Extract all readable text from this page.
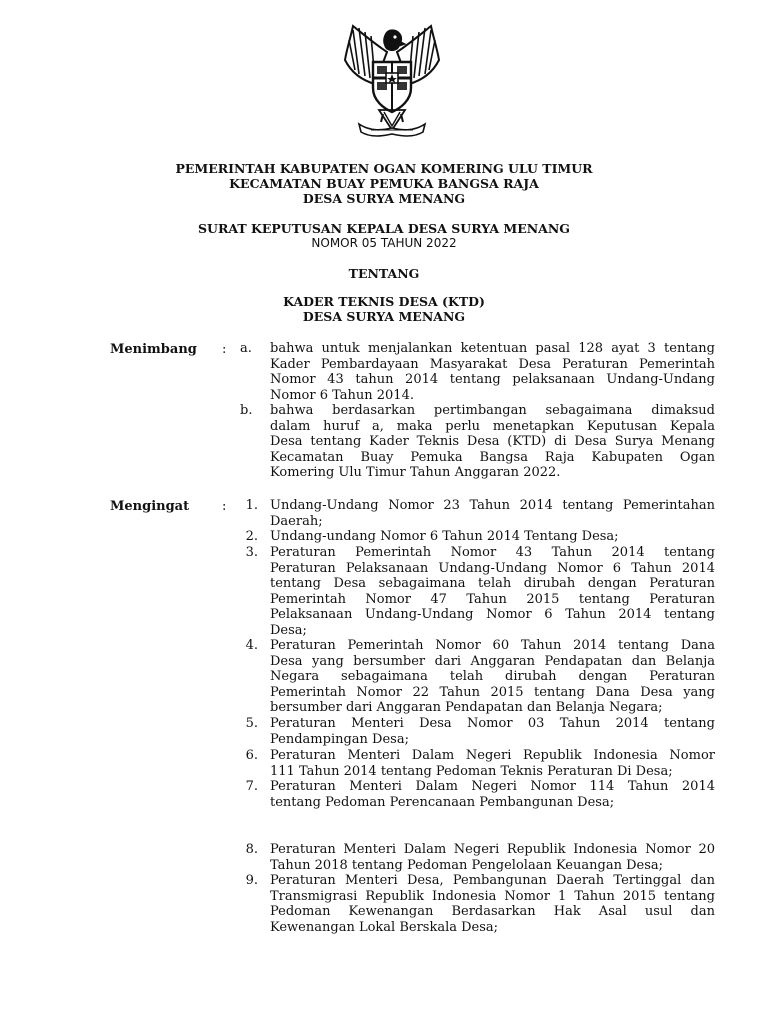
PEMERINTAH KABUPATEN OGAN KOMERING ULU TIMUR
KECAMATAN BUAY PEMUKA BANGSA RAJA
DESA SURYA MENANG
SURAT KEPUTUSAN KEPALA DESA SURYA MENANG
NOMOR 05 TAHUN 2022
TENTANG
KADER TEKNIS DESA (KTD)
DESA SURYA MENANG
Menimbang : a.	bahwa untuk menjalankan ketentuan pasal 128 ayat 3 tentang
Kader Pembardayaan Masyarakat Desa Peraturan Pemerintah
Nomor 43 tahun 2014 tentang pelaksanaan Undang-Undang
Nomor 6 Tahun 2014.
b.	bahwa berdasarkan pertimbangan sebagaimana dimaksud
dalam huruf a, maka perlu menetapkan Keputusan Kepala
Desa tentang Kader Teknis Desa (KTD) di Desa Surya Menang
Kecamatan Buay Pemuka Bangsa Raja Kabupaten Ogan
Komering Ulu Timur Tahun Anggaran 2022.
Mengingat	:	1. Undang-Undang Nomor 23 Tahun 2014 tentang Pemerintahan
Daerah;
2. Undang-undang Nomor 6 Tahun 2014 Tentang Desa;
3. Peraturan Pemerintah Nomor 43 Tahun 2014 tentang
Peraturan Pelaksanaan Undang-Undang Nomor 6 Tahun 2014
tentang Desa sebagaimana telah dirubah dengan Peraturan
Pemerintah Nomor 47 Tahun 2015 tentang Peraturan
Pelaksanaan Undang-Undang Nomor 6 Tahun 2014 tentang
Desa;
4. Peraturan Pemerintah Nomor 60 Tahun 2014 tentang Dana
Desa yang bersumber dari Anggaran Pendapatan dan Belanja
Negara sebagaimana telah dirubah dengan Peraturan
Pemerintah Nomor 22 Tahun 2015 tentang Dana Desa yang
bersumber dari Anggaran Pendapatan dan Belanja Negara;
5. Peraturan Menteri Desa Nomor 03 Tahun 2014 tentang
Pendampingan Desa;
6. Peraturan Menteri Dalam Negeri Republik Indonesia Nomor
111 Tahun 2014 tentang Pedoman Teknis Peraturan Di Desa;
7. Peraturan Menteri Dalam Negeri Nomor 114 Tahun 2014
tentang Pedoman Perencanaan Pembangunan Desa;
8. Peraturan Menteri Dalam Negeri Republik Indonesia Nomor 20
Tahun 2018 tentang Pedoman Pengelolaan Keuangan Desa;
9. Peraturan Menteri Desa, Pembangunan Daerah Tertinggal dan
Transmigrasi Republik Indonesia Nomor 1 Tahun 2015 tentang
Pedoman Kewenangan Berdasarkan Hak Asal usul dan
Kewenangan Lokal Berskala Desa;
